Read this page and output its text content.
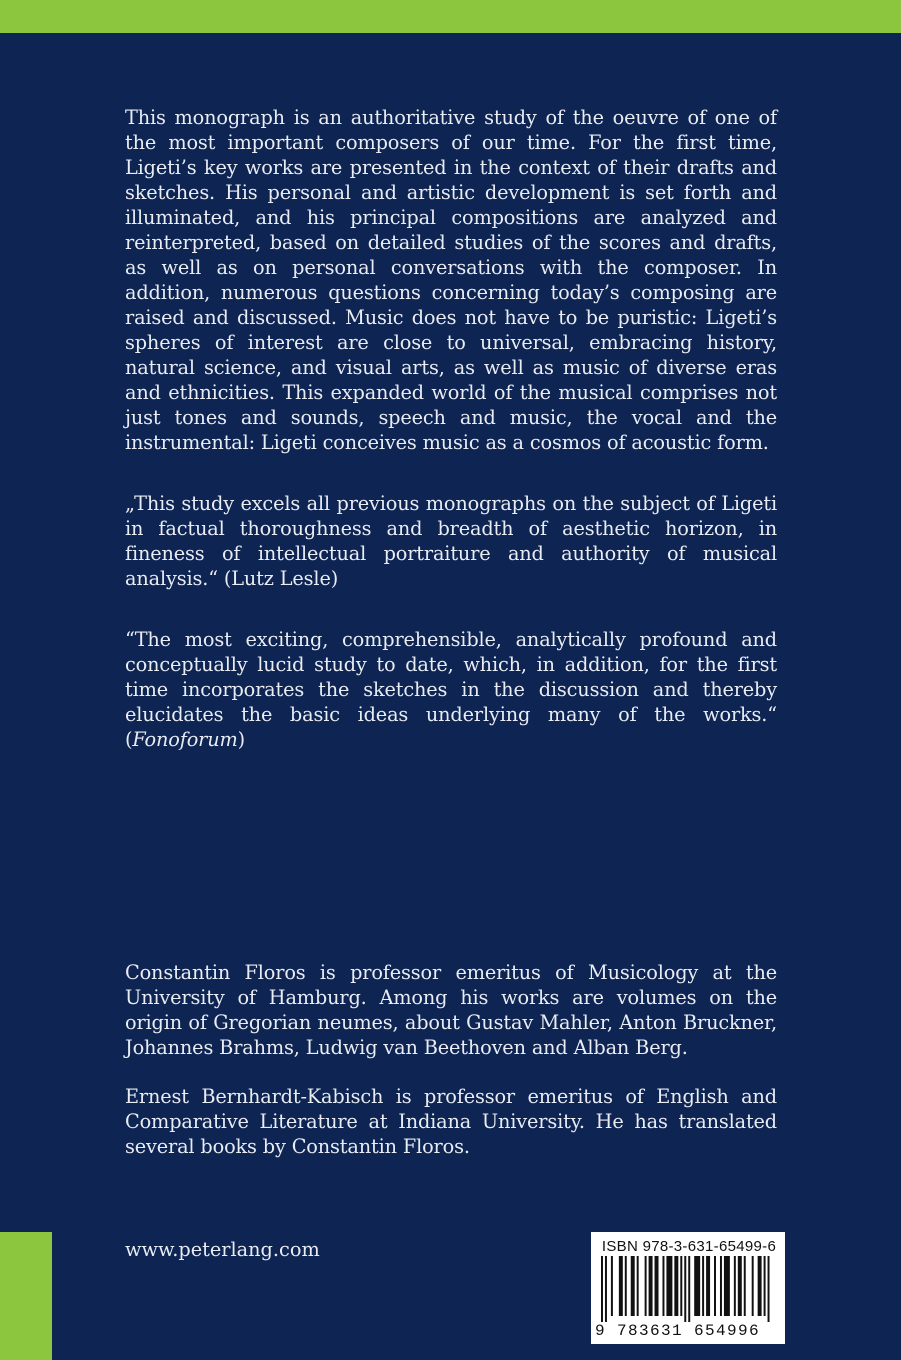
This monograph is an authoritative study of the oeuvre of one of the most important composers of our time. For the first time, Ligeti’s key works are presented in the context of their drafts and sketches. His personal and artistic development is set forth and illuminated, and his principal compositions are analyzed and reinterpreted, based on detailed studies of the scores and drafts, as well as on personal conversations with the composer. In addition, numerous questions concerning today’s composing are raised and discussed. Music does not have to be puristic: Ligeti’s spheres of interest are close to universal, embracing history, natural science, and visual arts, as well as music of diverse eras and ethnicities. This expanded world of the musical comprises not just tones and sounds, speech and music, the vocal and the instrumental: Ligeti conceives music as a cosmos of acoustic form.

„This study excels all previous monographs on the subject of Ligeti in factual thoroughness and breadth of aesthetic horizon, in fineness of intellectual portraiture and authority of musical analysis.“ (Lutz Lesle)

“The most exciting, comprehensible, analytically profound and conceptually lucid study to date, which, in addition, for the first time incorporates the sketches in the discussion and thereby elucidates the basic ideas underlying many of the works.“ (Fonoforum)

Constantin Floros is professor emeritus of Musicology at the University of Hamburg. Among his works are volumes on the origin of Gregorian neumes, about Gustav Mahler, Anton Bruckner, Johannes Brahms, Ludwig van Beethoven and Alban Berg.

Ernest Bernhardt-Kabisch is professor emeritus of English and Comparative Literature at Indiana University. He has translated several books by Constantin Floros.

www.peterlang.com	ISBN 978-3-631-65499-6
9 783631 654996
